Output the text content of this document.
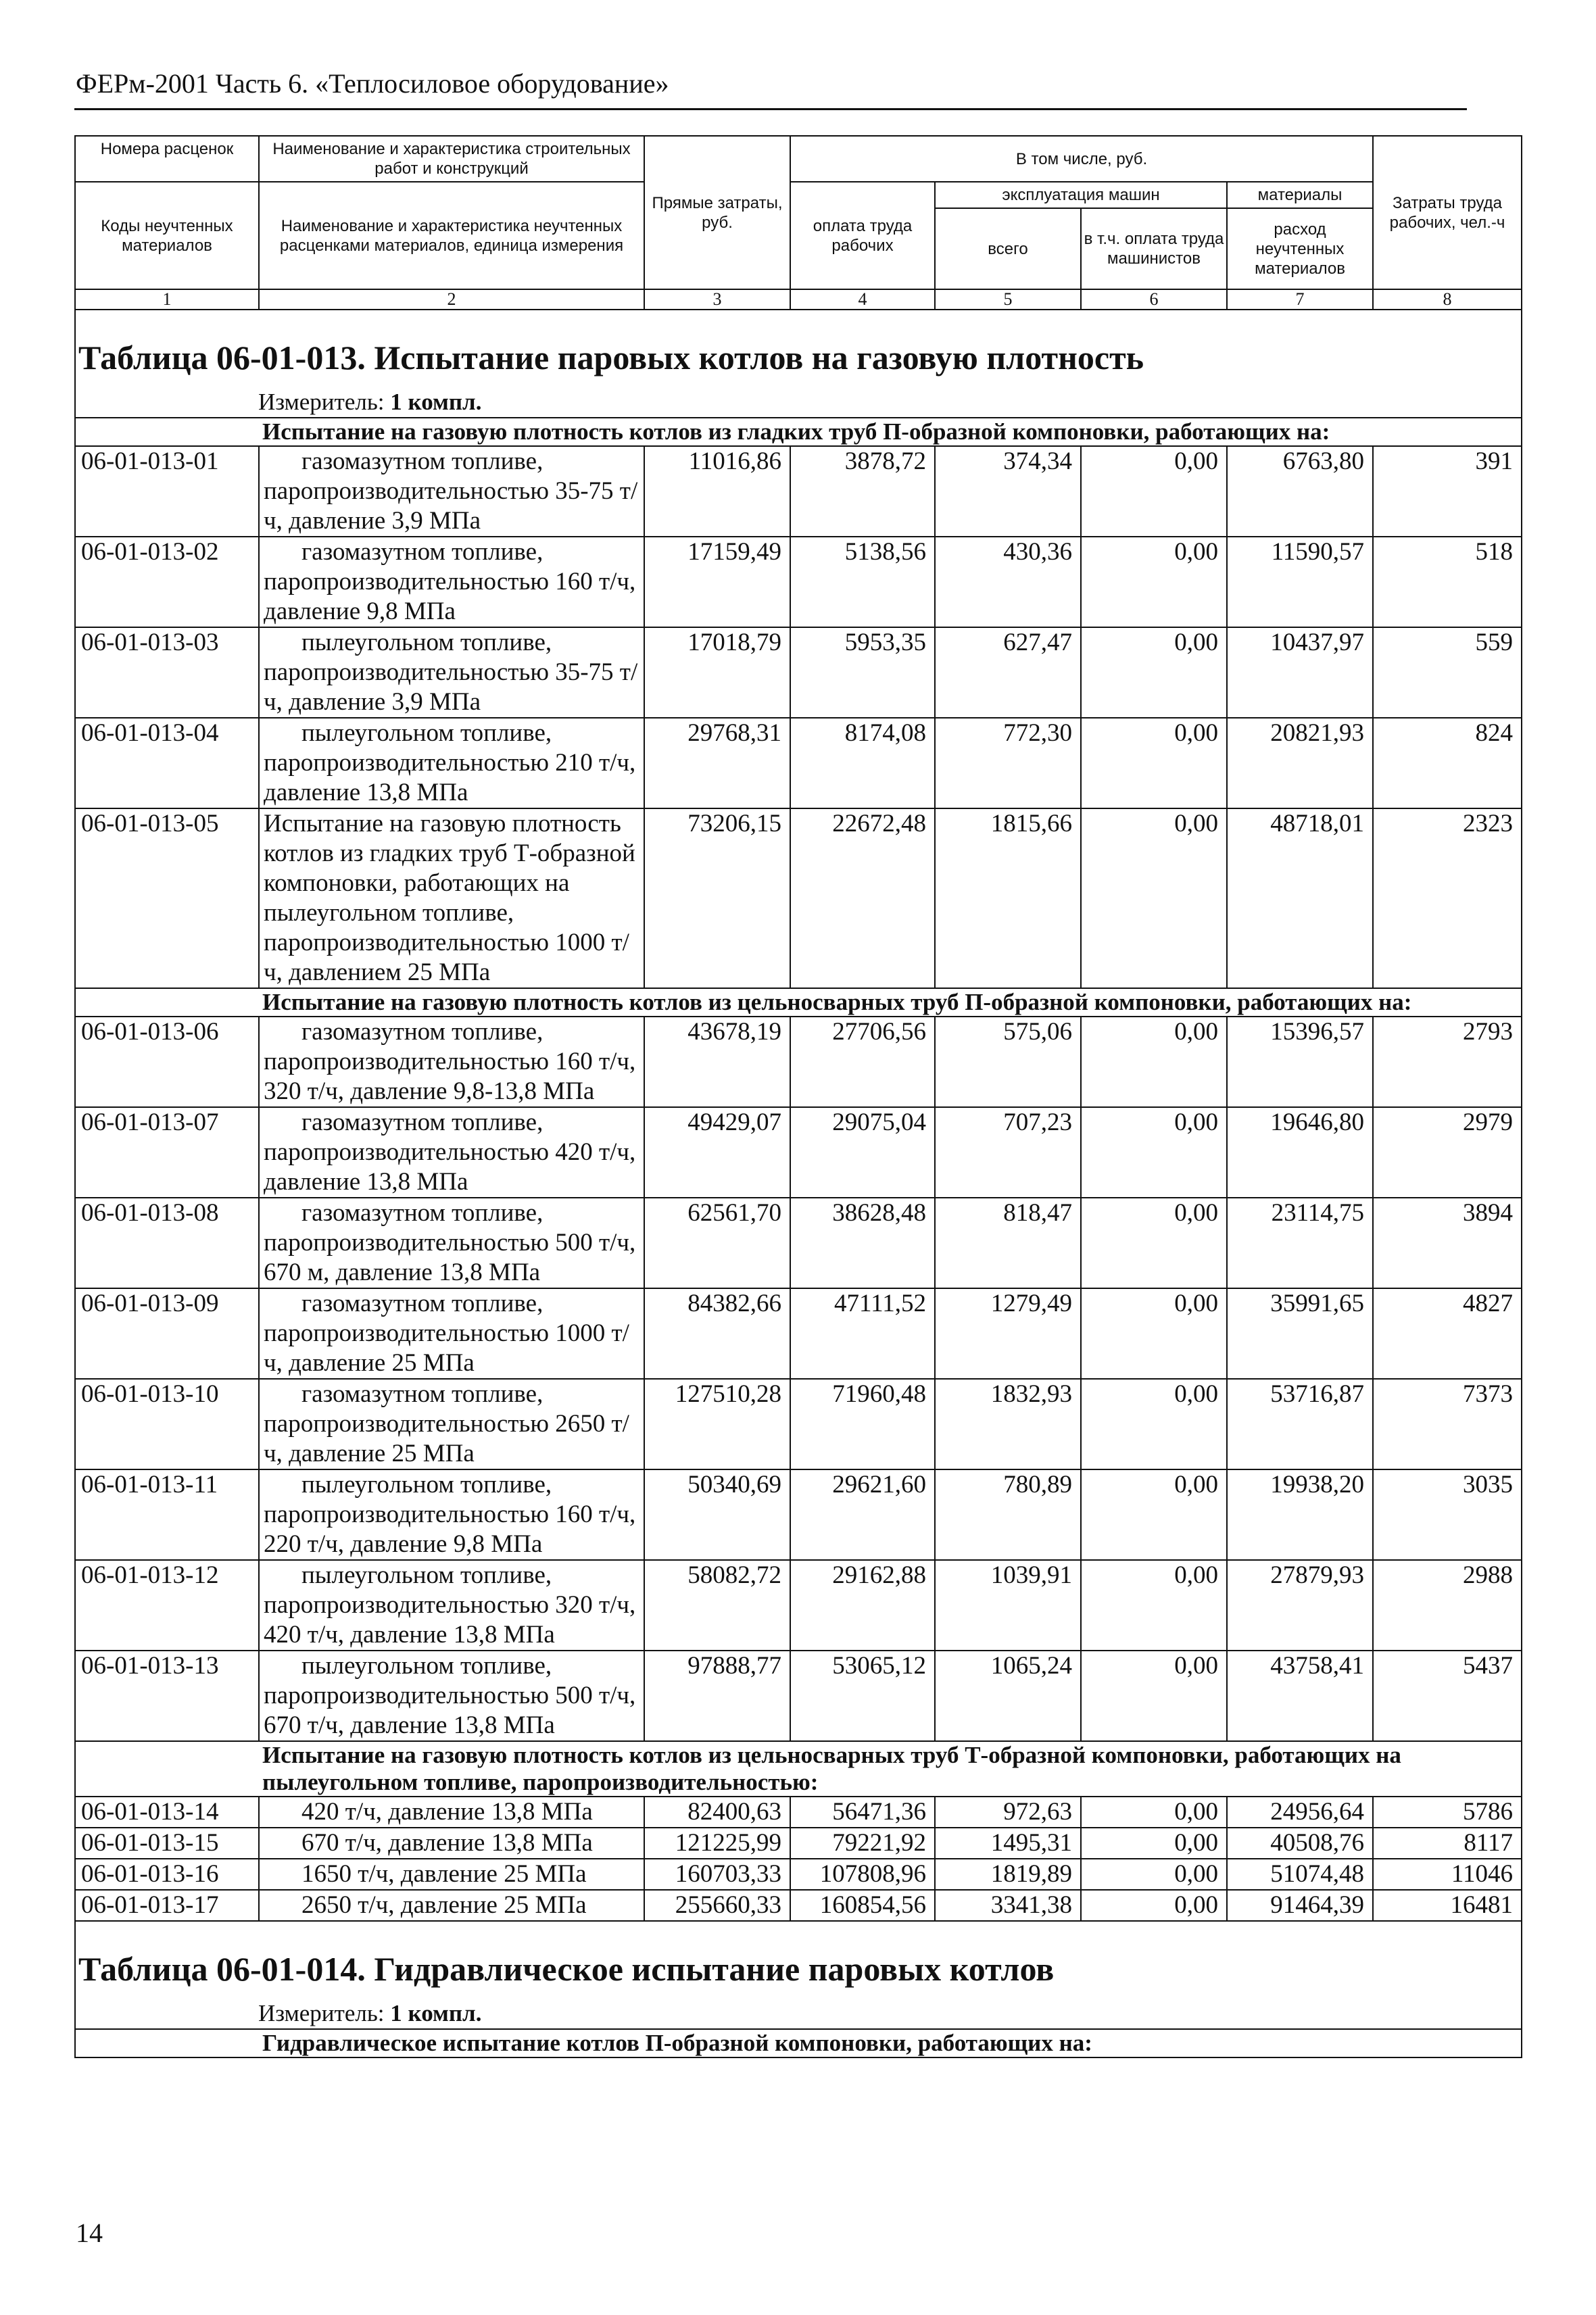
ФЕРм-2001 Часть 6. «Теплосиловое оборудование»
Номера расценок	Наименование и характеристика строительных работ и конструкций	Прямые затраты, руб.	В том числе, руб.				Затраты труда рабочих, чел.-ч
Коды неучтенных материалов	Наименование и характеристика неучтенных расценками материалов, единица измерения		оплата труда рабочих	эксплуатация машин		материалы	
				всего	в т.ч. оплата труда машинистов	расход неучтенных материалов	
1	2	3	4	5	6	7	8
Таблица 06-01-013. Испытание паровых котлов на газовую плотность							
Измеритель: 1 компл.							
Испытание на газовую плотность котлов из гладких труб П-образной компоновки, работающих на:							
06-01-013-01	газомазутном топливе, паропроизводительностью 35-75 т/ч, давление 3,9 МПа	11016,86	3878,72	374,34	0,00	6763,80	391
06-01-013-02	газомазутном топливе, паропроизводительностью 160 т/ч, давление 9,8 МПа	17159,49	5138,56	430,36	0,00	11590,57	518
06-01-013-03	пылеугольном топливе, паропроизводительностью 35-75 т/ч, давление 3,9 МПа	17018,79	5953,35	627,47	0,00	10437,97	559
06-01-013-04	пылеугольном топливе, паропроизводительностью 210 т/ч, давление 13,8 МПа	29768,31	8174,08	772,30	0,00	20821,93	824
06-01-013-05	Испытание на газовую плотность котлов из гладких труб Т-образной компоновки, работающих на пылеугольном топливе, паропроизводительностью 1000 т/ч, давлением 25 МПа	73206,15	22672,48	1815,66	0,00	48718,01	2323
Испытание на газовую плотность котлов из цельносварных труб П-образной компоновки, работающих на:							
06-01-013-06	газомазутном топливе, паропроизводительностью 160 т/ч, 320 т/ч, давление 9,8-13,8 МПа	43678,19	27706,56	575,06	0,00	15396,57	2793
06-01-013-07	газомазутном топливе, паропроизводительностью 420 т/ч, давление 13,8 МПа	49429,07	29075,04	707,23	0,00	19646,80	2979
06-01-013-08	газомазутном топливе, паропроизводительностью 500 т/ч, 670 м, давление 13,8 МПа	62561,70	38628,48	818,47	0,00	23114,75	3894
06-01-013-09	газомазутном топливе, паропроизводительностью 1000 т/ч, давление 25 МПа	84382,66	47111,52	1279,49	0,00	35991,65	4827
06-01-013-10	газомазутном топливе, паропроизводительностью 2650 т/ч, давление 25 МПа	127510,28	71960,48	1832,93	0,00	53716,87	7373
06-01-013-11	пылеугольном топливе, паропроизводительностью 160 т/ч, 220 т/ч, давление 9,8 МПа	50340,69	29621,60	780,89	0,00	19938,20	3035
06-01-013-12	пылеугольном топливе, паропроизводительностью 320 т/ч, 420 т/ч, давление 13,8 МПа	58082,72	29162,88	1039,91	0,00	27879,93	2988
06-01-013-13	пылеугольном топливе, паропроизводительностью 500 т/ч, 670 т/ч, давление 13,8 МПа	97888,77	53065,12	1065,24	0,00	43758,41	5437
Испытание на газовую плотность котлов из цельносварных труб Т-образной компоновки, работающих на пылеугольном топливе, паропроизводительностью:							
06-01-013-14	420 т/ч, давление 13,8 МПа	82400,63	56471,36	972,63	0,00	24956,64	5786
06-01-013-15	670 т/ч, давление 13,8 МПа	121225,99	79221,92	1495,31	0,00	40508,76	8117
06-01-013-16	1650 т/ч, давление 25 МПа	160703,33	107808,96	1819,89	0,00	51074,48	11046
06-01-013-17	2650 т/ч, давление 25 МПа	255660,33	160854,56	3341,38	0,00	91464,39	16481

Таблица 06-01-014. Гидравлическое испытание паровых котлов							
Измеритель: 1 компл.							
Гидравлическое испытание котлов П-образной компоновки, работающих на:							
14
